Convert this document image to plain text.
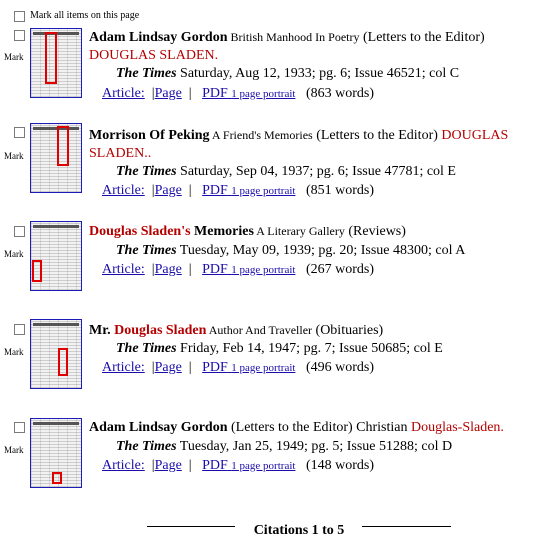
Mark all items on this page
Mark
Adam Lindsay Gordon British Manhood In Poetry (Letters to the Editor)
DOUGLAS SLADEN.
The Times Saturday, Aug 12, 1933; pg. 6; Issue 46521; col C
Article:  |Page  |   PDF 1 page portrait (863 words)
Mark
Morrison Of Peking A Friend's Memories (Letters to the Editor) DOUGLAS SLADEN..
The Times Saturday, Sep 04, 1937; pg. 6; Issue 47781; col E
Article:  |Page  |   PDF 1 page portrait (851 words)
Mark
Douglas Sladen's Memories A Literary Gallery (Reviews)
The Times Tuesday, May 09, 1939; pg. 20; Issue 48300; col A
Article:  |Page  |   PDF 1 page portrait (267 words)
Mark
Mr. Douglas Sladen Author And Traveller (Obituaries)
The Times Friday, Feb 14, 1947; pg. 7; Issue 50685; col E
Article:  |Page  |   PDF 1 page portrait (496 words)
Mark
Adam Lindsay Gordon (Letters to the Editor) Christian Douglas-Sladen.
The Times Tuesday, Jan 25, 1949; pg. 5; Issue 51288; col D
Article:  |Page  |   PDF 1 page portrait (148 words)
Citations 1 to 5
